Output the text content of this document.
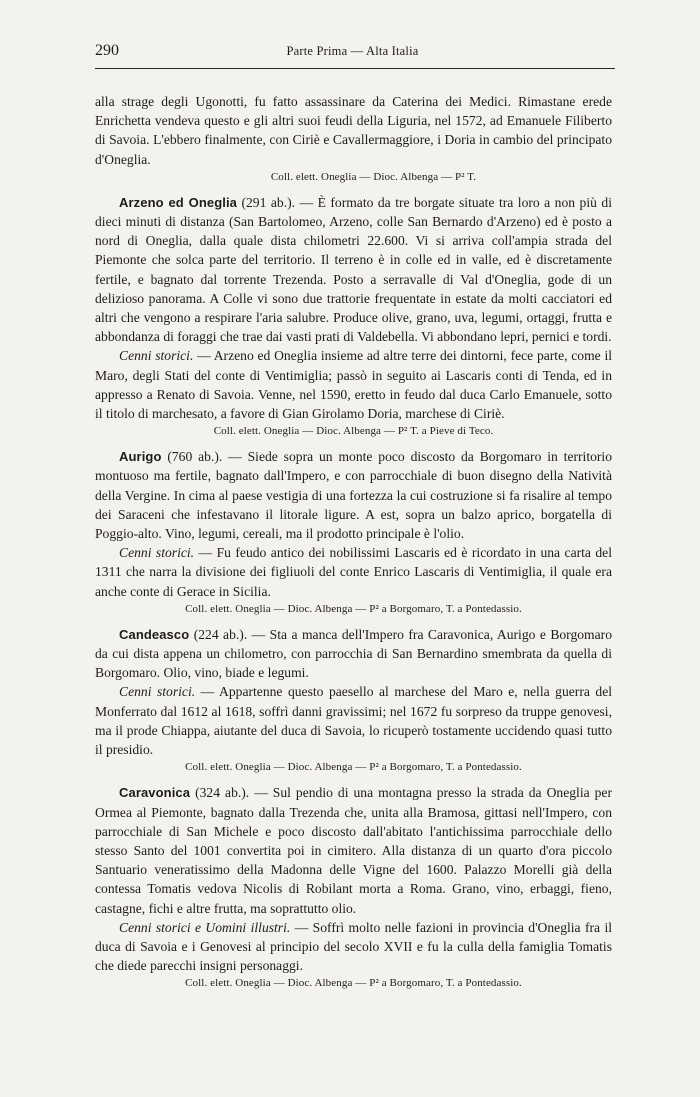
290	Parte Prima — Alta Italia

alla strage degli Ugonotti, fu fatto assassinare da Caterina dei Medici. Rimastane erede Enrichetta vendeva questo e gli altri suoi feudi della Liguria, nel 1572, ad Emanuele Filiberto di Savoia. L'ebbero finalmente, con Ciriè e Cavallermaggiore, i Doria in cambio del principato d'Oneglia.

Coll. elett. Oneglia — Dioc. Albenga — P² T.

Arzeno ed Oneglia (291 ab.). — È formato da tre borgate situate tra loro a non più di dieci minuti di distanza (San Bartolomeo, Arzeno, colle San Bernardo d'Arzeno) ed è posto a nord di Oneglia, dalla quale dista chilometri 22.600. Vi si arriva coll'ampia strada del Piemonte che solca parte del territorio. Il terreno è in colle ed in valle, ed è discretamente fertile, e bagnato dal torrente Trezenda. Posto a serravalle di Val d'Oneglia, gode di un delizioso panorama. A Colle vi sono due trattorie frequentate in estate da molti cacciatori ed altri che vengono a respirare l'aria salubre. Produce olive, grano, uva, legumi, ortaggi, frutta e abbondanza di foraggi che trae dai vasti prati di Valdebella. Vi abbondano lepri, pernici e tordi.

Cenni storici. — Arzeno ed Oneglia insieme ad altre terre dei dintorni, fece parte, come il Maro, degli Stati del conte di Ventimiglia; passò in seguito ai Lascaris conti di Tenda, ed in appresso a Renato di Savoia. Venne, nel 1590, eretto in feudo dal duca Carlo Emanuele, sotto il titolo di marchesato, a favore di Gian Girolamo Doria, marchese di Ciriè.

Coll. elett. Oneglia — Dioc. Albenga — P² T. a Pieve di Teco.

Aurigo (760 ab.). — Siede sopra un monte poco discosto da Borgomaro in territorio montuoso ma fertile, bagnato dall'Impero, e con parrocchiale di buon disegno della Natività della Vergine. In cima al paese vestigia di una fortezza la cui costruzione si fa risalire al tempo dei Saraceni che infestavano il litorale ligure. A est, sopra un balzo aprico, borgatella di Poggio-alto. Vino, legumi, cereali, ma il prodotto principale è l'olio.

Cenni storici. — Fu feudo antico dei nobilissimi Lascaris ed è ricordato in una carta del 1311 che narra la divisione dei figliuoli del conte Enrico Lascaris di Ventimiglia, il quale era anche conte di Gerace in Sicilia.

Coll. elett. Oneglia — Dioc. Albenga — P² a Borgomaro, T. a Pontedassio.

Candeasco (224 ab.). — Sta a manca dell'Impero fra Caravonica, Aurigo e Borgomaro da cui dista appena un chilometro, con parrocchia di San Bernardino smembrata da quella di Borgomaro. Olio, vino, biade e legumi.

Cenni storici. — Appartenne questo paesello al marchese del Maro e, nella guerra del Monferrato dal 1612 al 1618, soffrì danni gravissimi; nel 1672 fu sorpreso da truppe genovesi, ma il prode Chiappa, aiutante del duca di Savoia, lo ricuperò tostamente uccidendo quasi tutto il presidio.

Coll. elett. Oneglia — Dioc. Albenga — P² a Borgomaro, T. a Pontedassio.

Caravonica (324 ab.). — Sul pendio di una montagna presso la strada da Oneglia per Ormea al Piemonte, bagnato dalla Trezenda che, unita alla Bramosa, gittasi nell'Impero, con parrocchiale di San Michele e poco discosto dall'abitato l'antichissima parrocchiale dello stesso Santo del 1001 convertita poi in cimitero. Alla distanza di un quarto d'ora piccolo Santuario veneratissimo della Madonna delle Vigne del 1600. Palazzo Morelli già della contessa Tomatis vedova Nicolis di Robilant morta a Roma. Grano, vino, erbaggi, fieno, castagne, fichi e altre frutta, ma soprattutto olio.

Cenni storici e Uomini illustri. — Soffrì molto nelle fazioni in provincia d'Oneglia fra il duca di Savoia e i Genovesi al principio del secolo XVII e fu la culla della famiglia Tomatis che diede parecchi insigni personaggi.

Coll. elett. Oneglia — Dioc. Albenga — P² a Borgomaro, T. a Pontedassio.
